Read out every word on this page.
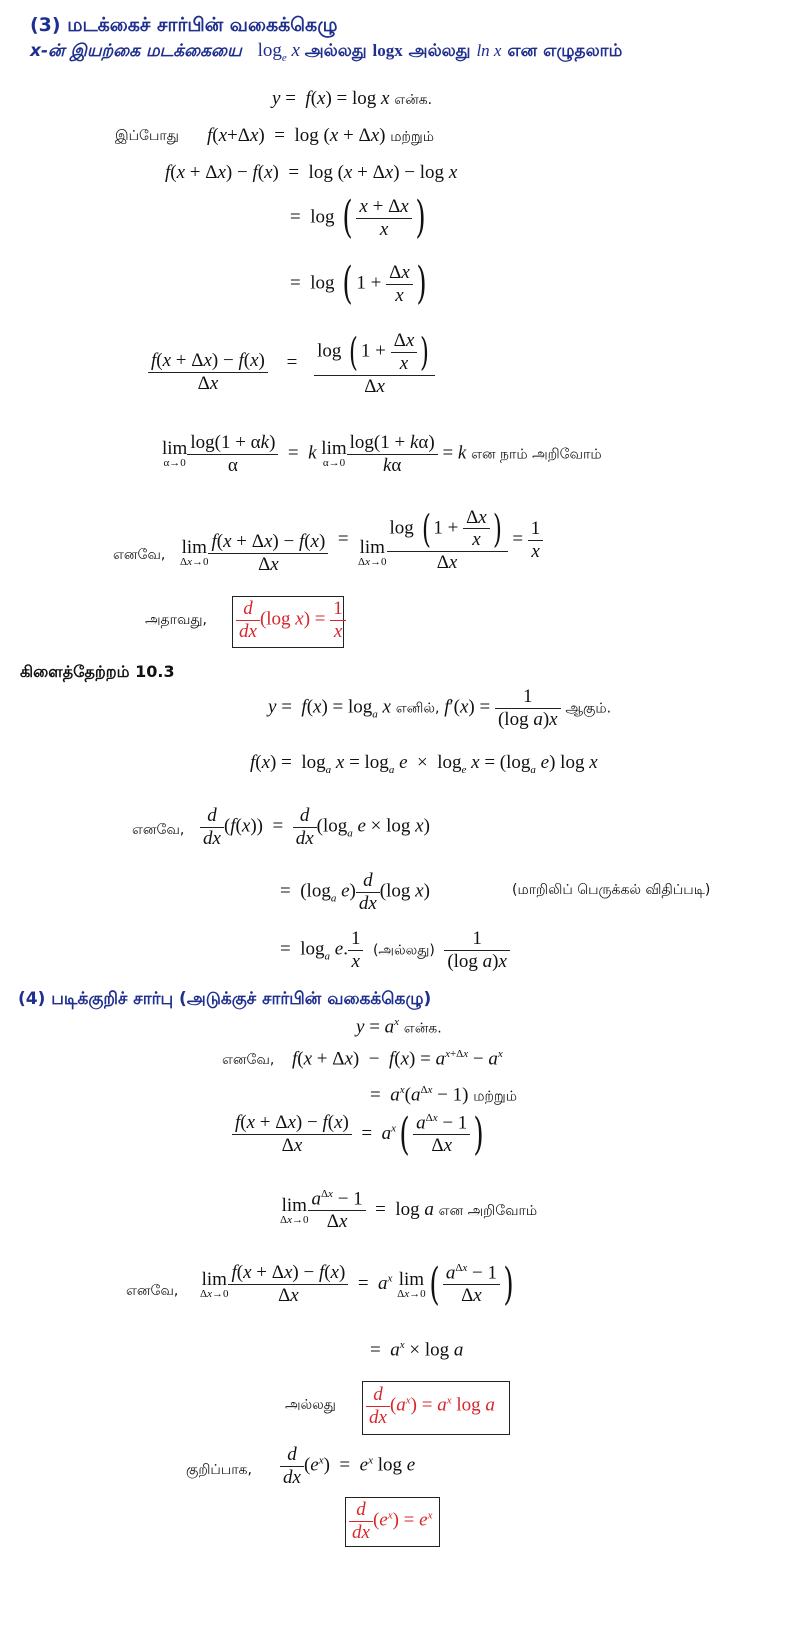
(3) மடக்கைச் சார்பின் வகைக்கெழு
x-ன் இயற்கை மடக்கையை $\log_e x$ அல்லது logx அல்லது ln x என எழுதலாம்
y =  f(x) = log x என்க.
இப்போது f(x+Δx)  =  log (x + Δx) மற்றும்
f(x + Δx) − f(x)  =  log (x + Δx) − log x
=  log ( $\frac{x + \Delta x}{x}$ )
=  log ( $1 + \frac{\Delta x}{x}$ )
$\frac{f(x + \Delta x) - f(x)}{\Delta x} = \frac{\log ( 1 + \frac{\Delta x}{x} )}{\Delta x}$
lim
$\alpha\to 0 \frac{\log(1 + \alpha k)}{\alpha} = k$ lim
$\alpha\to 0 \frac{\log(1 + k\alpha)}{k\alpha} = k$ என நாம் அறிவோம்
எனவே, lim
$\Delta x\to 0 \frac{f(x + \Delta x) - f(x)}{\Delta x} = \lim$
$\Delta x\to 0 \frac{\log ( 1 + \frac{\Delta x}{x} )}{\Delta x} = \frac{1}{x}$
அதாவது, $\frac{d}{dx} (\log$ $x) = \frac{1}{x}$
கிளைத்தேற்றம் 10.3
$y = f(x) = \log_a x$ எனில், $f'(x) = \frac{1}{\text{(log a)x}}$ ஆகும்.
$f(x) = \log_a x = \log_a e \times \log_e x = (\log_a$ e) log x
எனவே, $\frac{d}{dx} (f(x)) = \frac{d}{dx} (\log_a$ e × log x)
=  ($\log_a$ $e) \frac{d}{dx} (\log$ x)	(மாறிலிப் பெருக்கல் விதிப்படி)
=  $\log_a e$. $\frac{1}{x}$ (அல்லது) $\frac{1}{\text{(log a)x}}$
(4) படிக்குறிச் சார்பு (அடுக்குச் சார்பின் வகைக்கெழு)
$y = a^x$ என்க.
எனவே, $f(x + \Delta x) - f(x) = a^{x+\Delta x} - a^x$
=  $a^x(a^{\Delta x} - 1)$ மற்றும்
$\frac{f(x + \Delta x) - f(x)}{\Delta x} = a^x( \frac{a^{\Delta x} - 1}{\Delta x}$ )
lim
$\Delta x\to 0 \frac{a^{\Delta x} - 1}{\Delta x} = \log a$ என அறிவோம்
எனவே,
lim
$\Delta x\to 0 \frac{f(x + \Delta x) - f(x)}{\Delta x} = a^x$ lim
Δx→0 ( $\frac{a^{\Delta x} - 1}{\Delta x}$ )
=  $a^x \times \log a$
அல்லது $\frac{d}{dx} (a^x) = a^x$ log a
குறிப்பாக, $\frac{d}{dx} (e^x) = e^x$ log e
$\frac{d}{dx} (e^x) = e^x$
